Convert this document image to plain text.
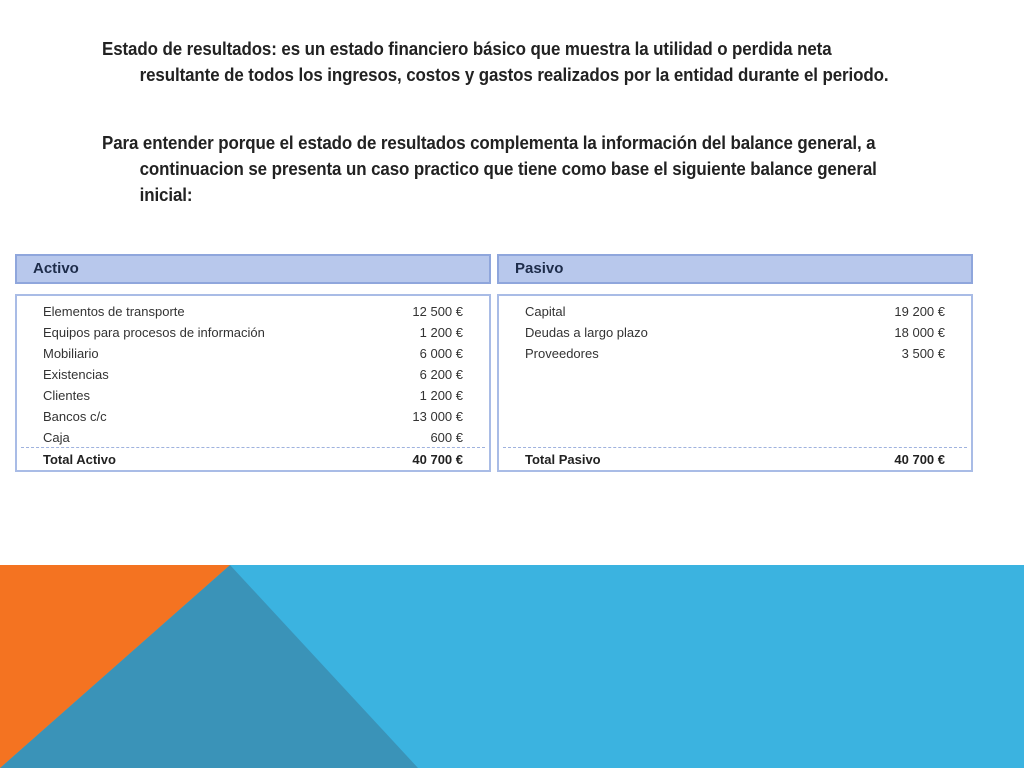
Estado de resultados: es un estado financiero básico que muestra la utilidad o perdida neta resultante de todos los ingresos, costos y gastos realizados por la entidad durante el periodo.
Para entender porque el estado de resultados complementa la información del balance general, a continuacion se presenta un caso practico que tiene como base el siguiente balance general inicial:
Activo
Elementos de transporte	12 500 €
Equipos para procesos de información	1 200 €
Mobiliario	6 000 €
Existencias	6 200 €
Clientes	1 200 €
Bancos c/c	13 000 €
Caja	600 €
Total Activo	40 700 €
Pasivo
Capital	19 200 €
Deudas a largo plazo	18 000 €
Proveedores	3 500 €
Total Pasivo	40 700 €
